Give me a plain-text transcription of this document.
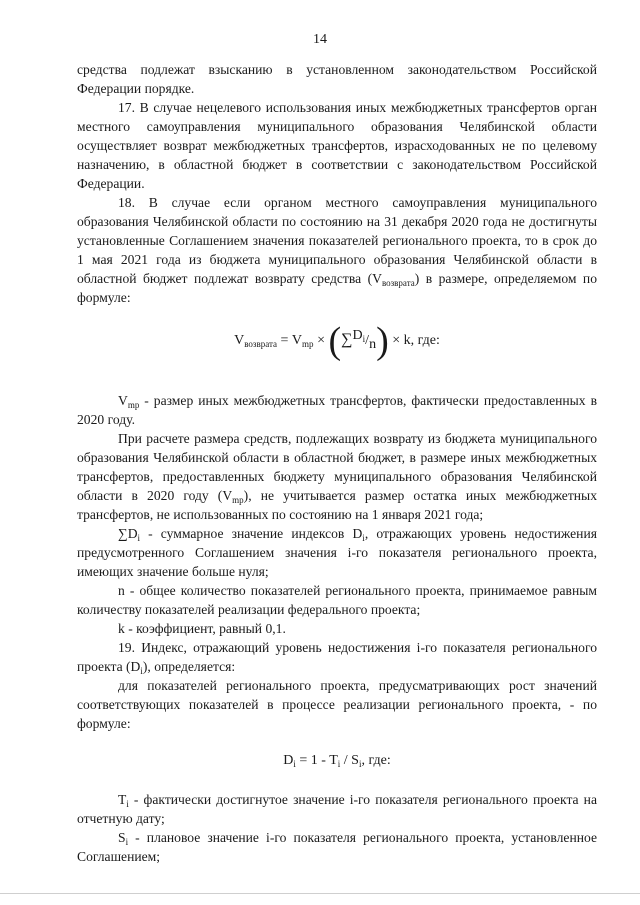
14

средства подлежат взысканию в установленном законодательством Российской Федерации порядке.

17. В случае нецелевого использования иных межбюджетных трансфертов орган местного самоуправления муниципального образования Челябинской области осуществляет возврат межбюджетных трансфертов, израсходованных не по целевому назначению, в областной бюджет в соответствии с законодательством Российской Федерации.

18. В случае если органом местного самоуправления муниципального образования Челябинской области по состоянию на 31 декабря 2020 года не достигнуты установленные Соглашением значения показателей регионального проекта, то в срок до 1 мая 2021 года из бюджета муниципального образования Челябинской области в областной бюджет подлежат возврату средства $(V_{возврата})$ в размере, определяемом по формуле:

$V_{возврата} = V_{mp} \times (\sum D_i/n) \times k$, где:

$V_{mp}$ - размер иных межбюджетных трансфертов, фактически предоставленных в 2020 году.

При расчете размера средств, подлежащих возврату из бюджета муниципального образования Челябинской области в областной бюджет, в размере иных межбюджетных трансфертов, предоставленных бюджету муниципального образования Челябинской области в 2020 году $(V_{mp})$, не учитывается размер остатка иных межбюджетных трансфертов, не использованных по состоянию на 1 января 2021 года;

$\sum D_i$ - суммарное значение индексов $D_i$, отражающих уровень недостижения предусмотренного Соглашением значения i-го показателя регионального проекта, имеющих значение больше нуля;

n - общее количество показателей регионального проекта, принимаемое равным количеству показателей реализации федерального проекта;

k - коэффициент, равный 0,1.

19. Индекс, отражающий уровень недостижения i-го показателя регионального проекта $(D_i)$, определяется:

для показателей регионального проекта, предусматривающих рост значений соответствующих показателей в процессе реализации регионального проекта, - по формуле:

$D_i = 1 - T_i / S_i$, где:

$T_i$ - фактически достигнутое значение i-го показателя регионального проекта на отчетную дату;

$S_i$ - плановое значение i-го показателя регионального проекта, установленное Соглашением;
